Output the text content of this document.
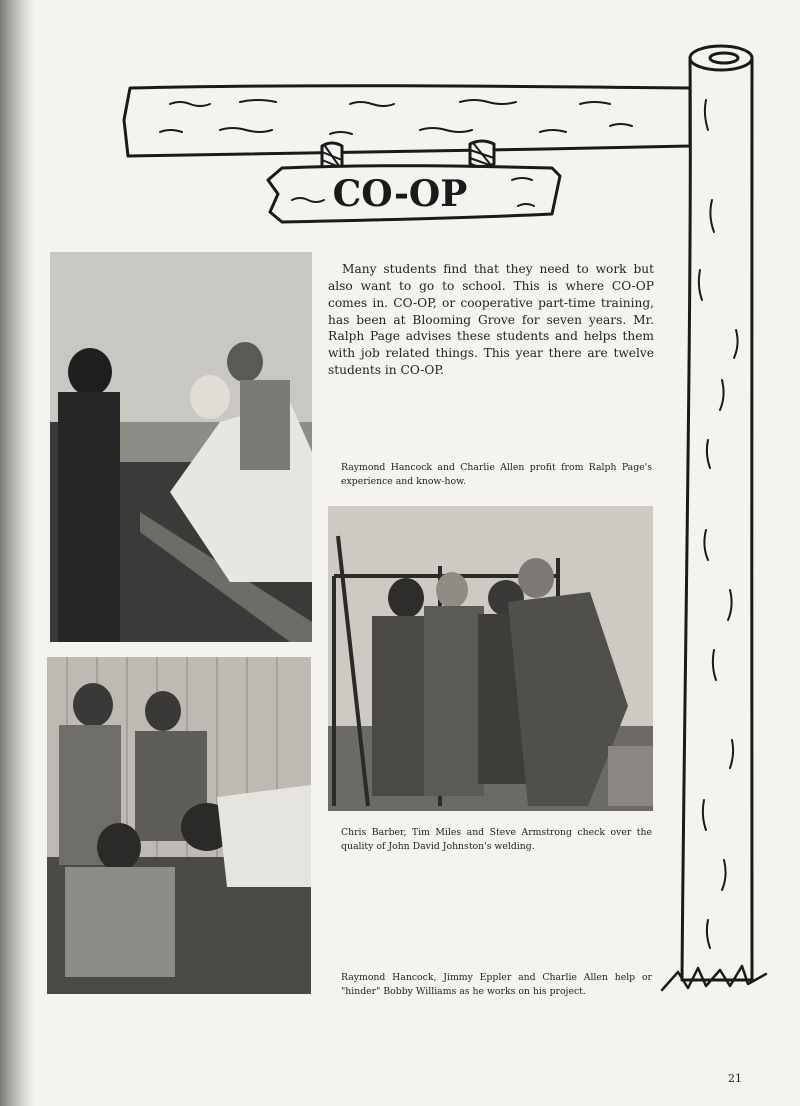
CO-OP

Many students find that they need to work but also want to go to school. This is where CO-OP comes in. CO-OP, or cooperative part-time training, has been at Blooming Grove for seven years. Mr. Ralph Page advises these students and helps them with job related things. This year there are twelve students in CO-OP.

Raymond Hancock and Charlie Allen profit from Ralph Page's experience and know-how.

Chris Barber, Tim Miles and Steve Armstrong check over the quality of John David Johnston's welding.

Raymond Hancock, Jimmy Eppler and Charlie Allen help or "hinder" Bobby Williams as he works on his project.

21
